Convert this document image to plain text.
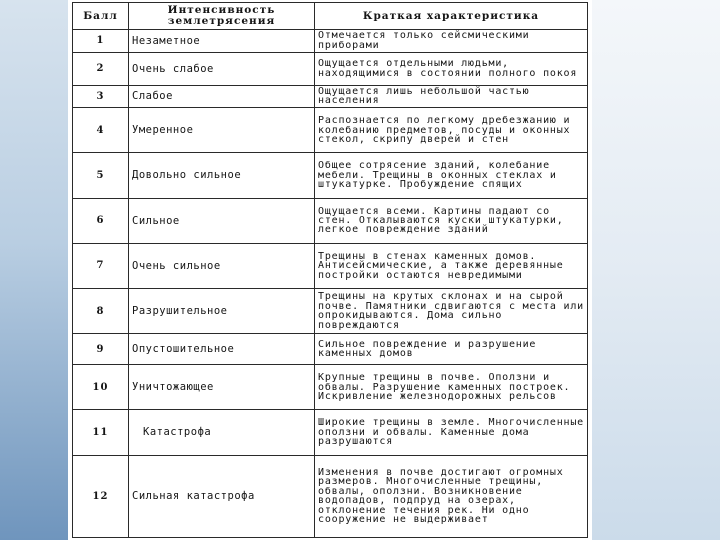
Балл	Интенсивность землетрясения	Краткая характеристика
1	Незаметное	Отмечается только сейсмическими приборами
2	Очень слабое	Ощущается отдельными людьми, находящимися в состоянии полного покоя
3	Слабое	Ощущается лишь небольшой частью населения
4	Умеренное	Распознается по легкому дребезжанию и колебанию предметов, посуды и оконных стекол, скрипу дверей и стен
5	Довольно сильное	Общее сотрясение зданий, колебание мебели. Трещины в оконных стеклах и штукатурке. Пробуждение спящих
6	Сильное	Ощущается всеми. Картины падают со стен. Откалываются куски штукатурки, легкое повреждение зданий
7	Очень сильное	Трещины в стенах каменных домов. Антисейсмические, а также деревянные постройки остаются невредимыми
8	Разрушительное	Трещины на крутых склонах и на сырой почве. Памятники сдвигаются с места или опрокидываются. Дома сильно повреждаются
9	Опустошительное	Сильное повреждение и разрушение каменных домов
10	Уничтожающее	Крупные трещины в почве. Оползни и обвалы. Разрушение каменных построек. Искривление железнодорожных рельсов
11	Катастрофа	Широкие трещины в земле. Многочисленные оползни и обвалы. Каменные дома разрушаются
12	Сильная катастрофа	Изменения в почве достигают огромных размеров. Многочисленные трещины, обвалы, оползни. Возникновение водопадов, подпруд на озерах, отклонение течения рек. Ни одно сооружение не выдерживает
